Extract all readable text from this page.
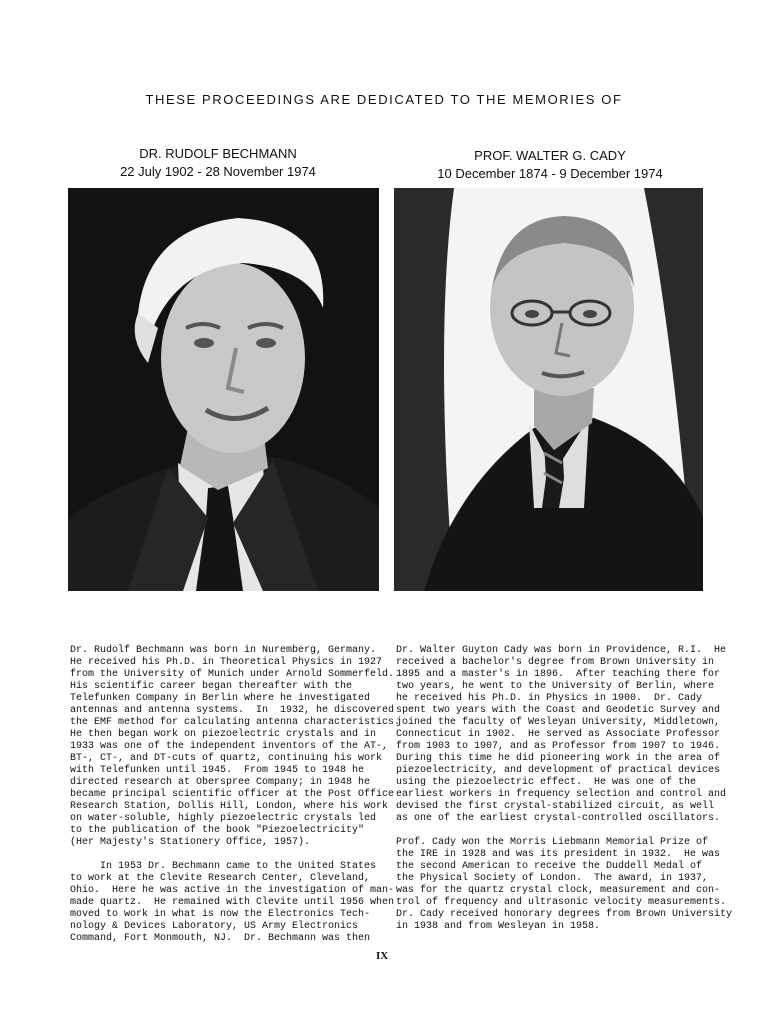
THESE PROCEEDINGS ARE DEDICATED TO THE MEMORIES OF
DR. RUDOLF BECHMANN
22 July 1902 - 28 November 1974
PROF. WALTER G. CADY
10 December 1874 - 9 December 1974
Dr. Rudolf Bechmann was born in Nuremberg, Germany.
He received his Ph.D. in Theoretical Physics in 1927
from the University of Munich under Arnold Sommerfeld.
His scientific career began thereafter with the
Telefunken Company in Berlin where he investigated
antennas and antenna systems.  In  1932, he discovered
the EMF method for calculating antenna characteristics.
He then began work on piezoelectric crystals and in
1933 was one of the independent inventors of the AT-,
BT-, CT-, and DT-cuts of quartz, continuing his work
with Telefunken until 1945.  From 1945 to 1948 he
directed research at Oberspree Company; in 1948 he
became principal scientific officer at the Post Office
Research Station, Dollis Hill, London, where his work
on water-soluble, highly piezoelectric crystals led
to the publication of the book "Piezoelectricity"
(Her Majesty's Stationery Office, 1957).

In 1953 Dr. Bechmann came to the United States
to work at the Clevite Research Center, Cleveland,
Ohio.  Here he was active in the investigation of man-
made quartz.  He remained with Clevite until 1956 when
moved to work in what is now the Electronics Tech-
nology & Devices Laboratory, US Army Electronics
Command, Fort Monmouth, NJ.  Dr. Bechmann was then
Dr. Walter Guyton Cady was born in Providence, R.I.  He
received a bachelor's degree from Brown University in
1895 and a master's in 1896.  After teaching there for
two years, he went to the University of Berlin, where
he received his Ph.D. in Physics in 1900.  Dr. Cady
spent two years with the Coast and Geodetic Survey and
joined the faculty of Wesleyan University, Middletown,
Connecticut in 1902.  He served as Associate Professor
from 1903 to 1907, and as Professor from 1907 to 1946.
During this time he did pioneering work in the area of
piezoelectricity, and development of practical devices
using the piezoelectric effect.  He was one of the
earliest workers in frequency selection and control and
devised the first crystal-stabilized circuit, as well
as one of the earliest crystal-controlled oscillators.

Prof. Cady won the Morris Liebmann Memorial Prize of
the IRE in 1928 and was its president in 1932.  He was
the second American to receive the Duddell Medal of
the Physical Society of London.  The award, in 1937,
was for the quartz crystal clock, measurement and con-
trol of frequency and ultrasonic velocity measurements.
Dr. Cady received honorary degrees from Brown University
in 1938 and from Wesleyan in 1958.
IX
